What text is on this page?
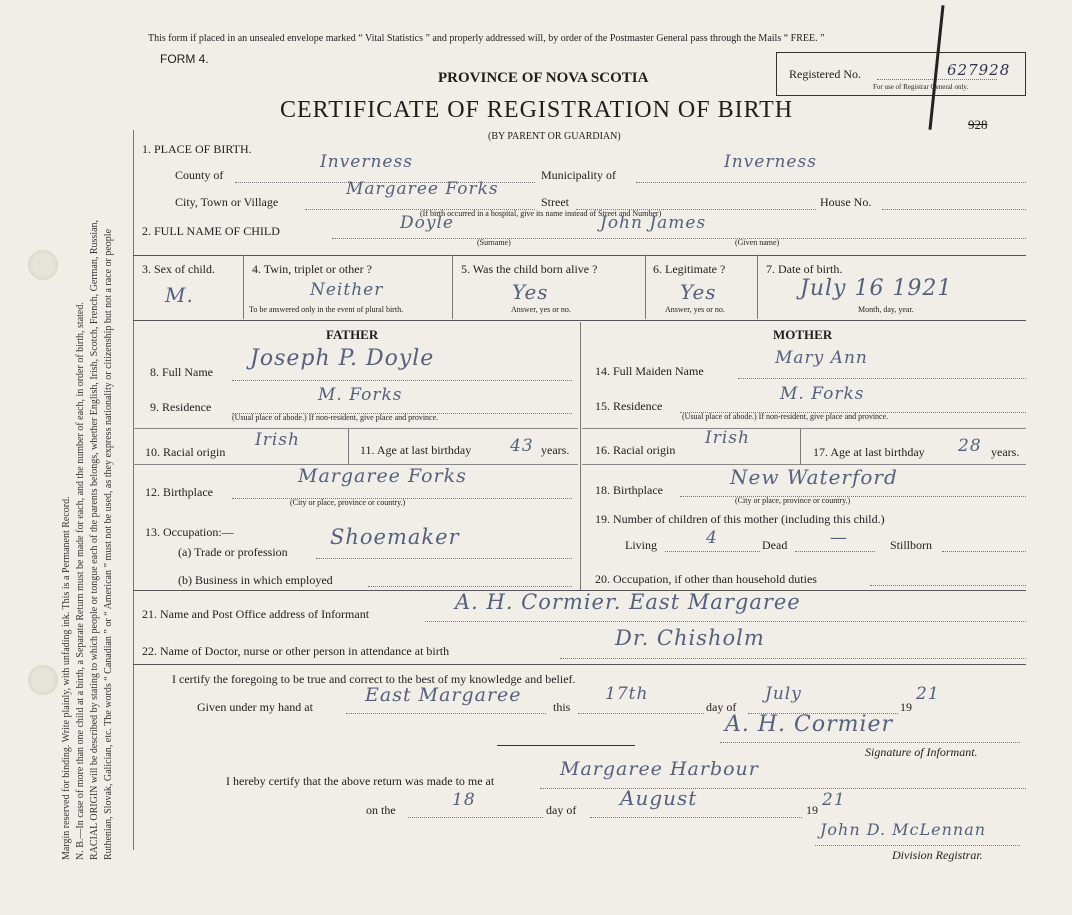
Margin reserved for binding. Write plainly, with unfading ink. This is a Permanent Record. N. B.—In case of more than one child at a birth, a Separate Return must be made for each, and the number of each, in order of birth, stated. RACIAL ORIGIN will be described by stating to which people or tongue each of the parents belongs, whether English, Irish, Scotch, French, German, Russian, Ruthenian, Slovak, Galician, etc. The words “ Canadian ” or “ American ” must not be used, as they express nationality or citizenship but not a race or people
This form if placed in an unsealed envelope marked “ Vital Statistics ” and properly addressed will, by order of the Postmaster General pass through the Mails “ FREE. ”
FORM 4.
PROVINCE OF NOVA SCOTIA
CERTIFICATE OF REGISTRATION OF BIRTH
(BY PARENT OR GUARDIAN)
Registered No.	627928
For use of Registrar General only.
928
1. PLACE OF BIRTH.
County of
Inverness
Municipality of
Inverness
City, Town or Village
Margaree Forks
Street	House No.
(If birth occurred in a hospital, give its name instead of Street and Number)
2. FULL NAME OF CHILD	Doyle	John James
(Surname)	(Given name)
3. Sex of child.
M.
4. Twin, triplet or other ?
Neither
To be answered only in the event of plural birth.
5. Was the child born alive ?
Yes
Answer, yes or no.
6. Legitimate ?
Yes
Answer, yes or no.
7. Date of birth.
July 16 1921
Month, day, year.
FATHER	MOTHER
8. Full Name
Joseph P. Doyle
9. Residence
M. Forks
(Usual place of abode.) If non-resident, give place and province.
10. Racial origin
Irish	11. Age at last birthday 43 years.
12. Birthplace
Margaree Forks
(City or place, province or country.)
13. Occupation:—
(a) Trade or profession
Shoemaker
(b) Business in which employed
14. Full Maiden Name
Mary Ann
15. Residence
M. Forks
(Usual place of abode.) If non-resident, give place and province.
16. Racial origin
Irish
17. Age at last birthday 28 years.
18. Birthplace
New Waterford
(City or place, province or country.)
19. Number of children of this mother (including this child.)
Living	4	Dead	—	Stillborn
20. Occupation, if other than household duties
21. Name and Post Office address of Informant	A. H. Cormier. East Margaree
22. Name of Doctor, nurse or other person in attendance at birth
Dr. Chisholm
I certify the foregoing to be true and correct to the best of my knowledge and belief.
Given under my hand at
East Margaree
this
17th
day of
July
19
21
A. H. Cormier
Signature of Informant.
I hereby certify that the above return was made to me at
Margaree Harbour
on the	18	day of August	19 21
John D. McLennan
Division Registrar.
